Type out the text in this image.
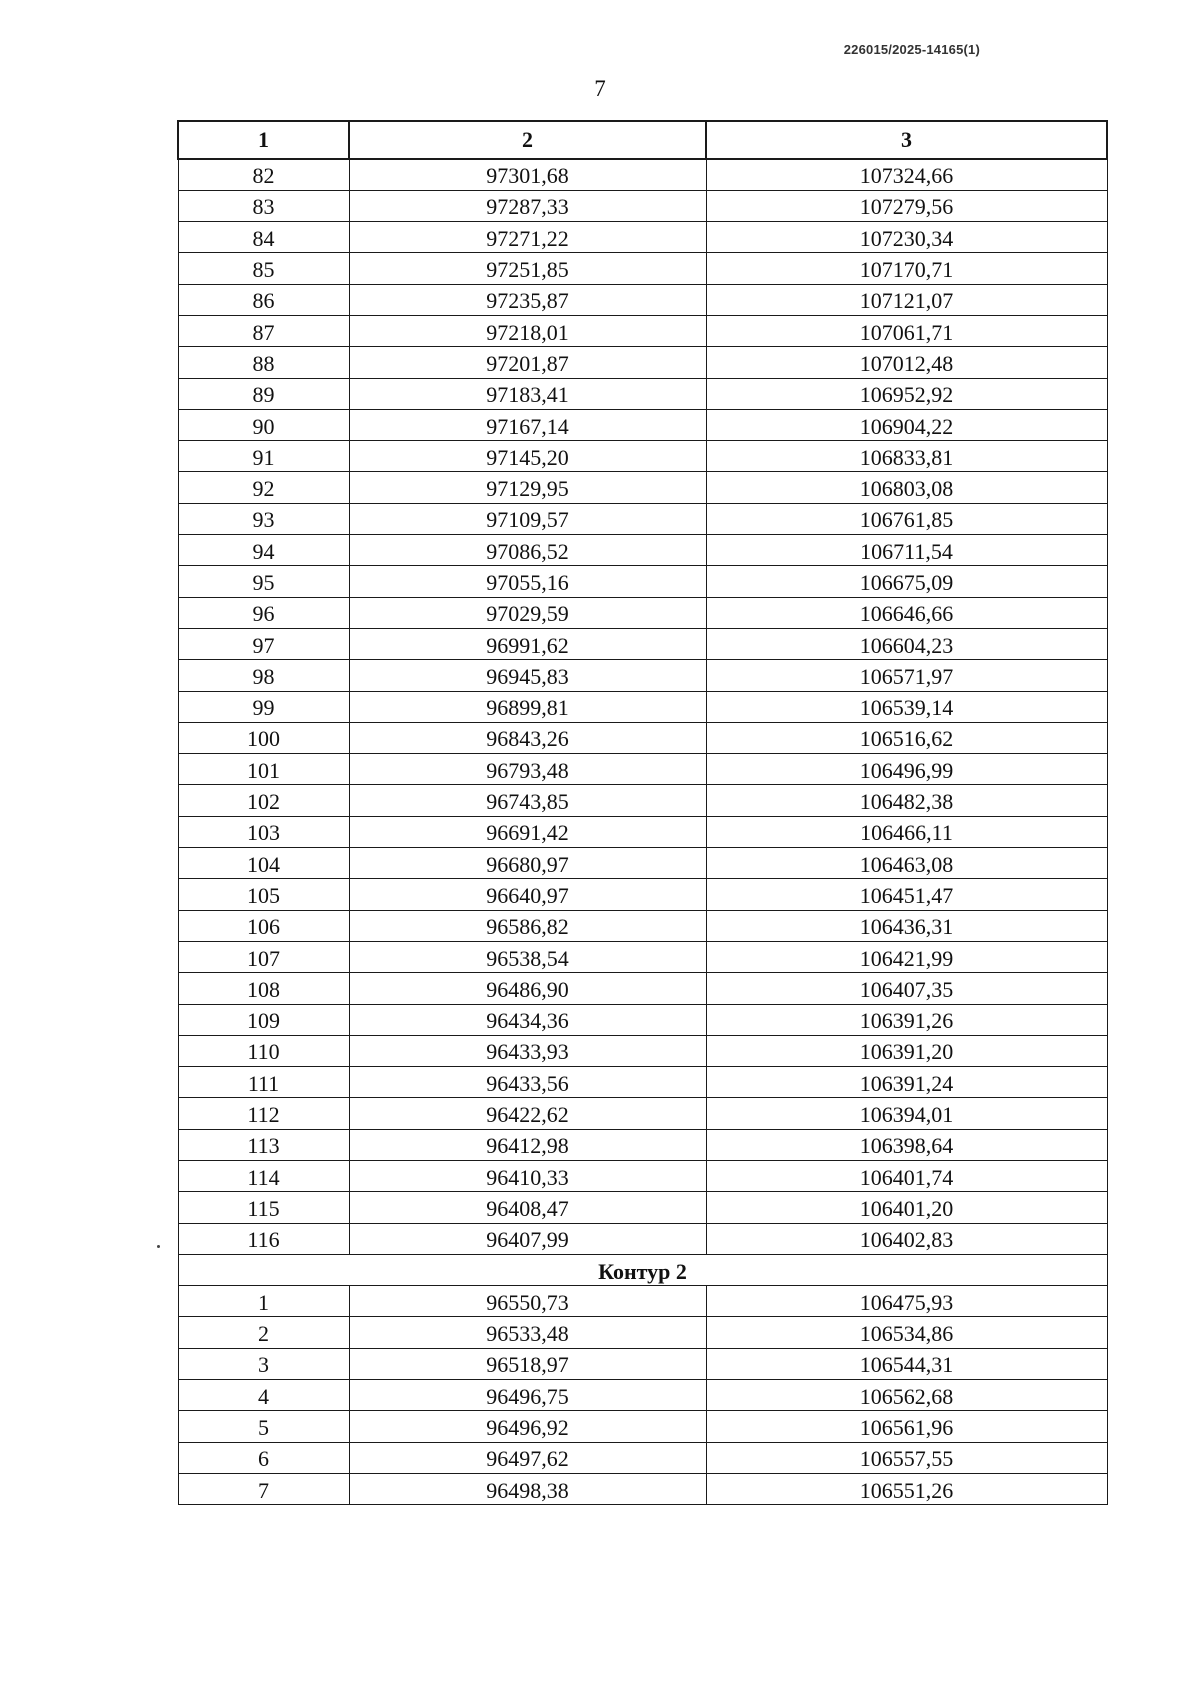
226015/2025-14165(1)
7
1	2	3
82	97301,68	107324,66
83	97287,33	107279,56
84	97271,22	107230,34
85	97251,85	107170,71
86	97235,87	107121,07
87	97218,01	107061,71
88	97201,87	107012,48
89	97183,41	106952,92
90	97167,14	106904,22
91	97145,20	106833,81
92	97129,95	106803,08
93	97109,57	106761,85
94	97086,52	106711,54
95	97055,16	106675,09
96	97029,59	106646,66
97	96991,62	106604,23
98	96945,83	106571,97
99	96899,81	106539,14
100	96843,26	106516,62
101	96793,48	106496,99
102	96743,85	106482,38
103	96691,42	106466,11
104	96680,97	106463,08
105	96640,97	106451,47
106	96586,82	106436,31
107	96538,54	106421,99
108	96486,90	106407,35
109	96434,36	106391,26
110	96433,93	106391,20
111	96433,56	106391,24
112	96422,62	106394,01
113	96412,98	106398,64
114	96410,33	106401,74
115	96408,47	106401,20
116	96407,99	106402,83
Контур 2		
1	96550,73	106475,93
2	96533,48	106534,86
3	96518,97	106544,31
4	96496,75	106562,68
5	96496,92	106561,96
6	96497,62	106557,55
7	96498,38	106551,26
